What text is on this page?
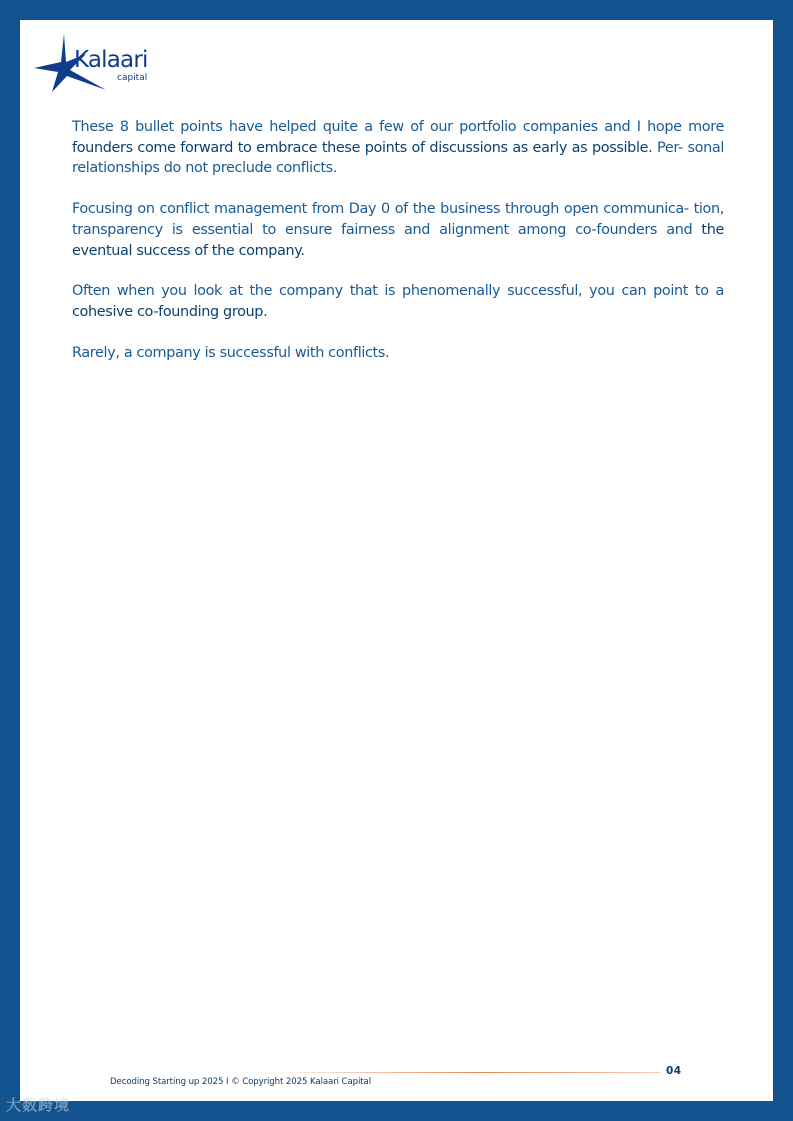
Kalaari
capital

These 8 bullet points have helped quite a few of our portfolio companies and I hope more founders come forward to embrace these points of discussions as early as possible. Per- sonal relationships do not preclude conflicts.

Focusing on conflict management from Day 0 of the business through open communica- tion, transparency is essential to ensure fairness and alignment among co-founders and the eventual success of the company.

Often when you look at the company that is phenomenally successful, you can point to a cohesive co-founding group.

Rarely, a company is successful with conflicts.

Decoding Starting up 2025 I © Copyright 2025 Kalaari Capital
04
大数跨境
